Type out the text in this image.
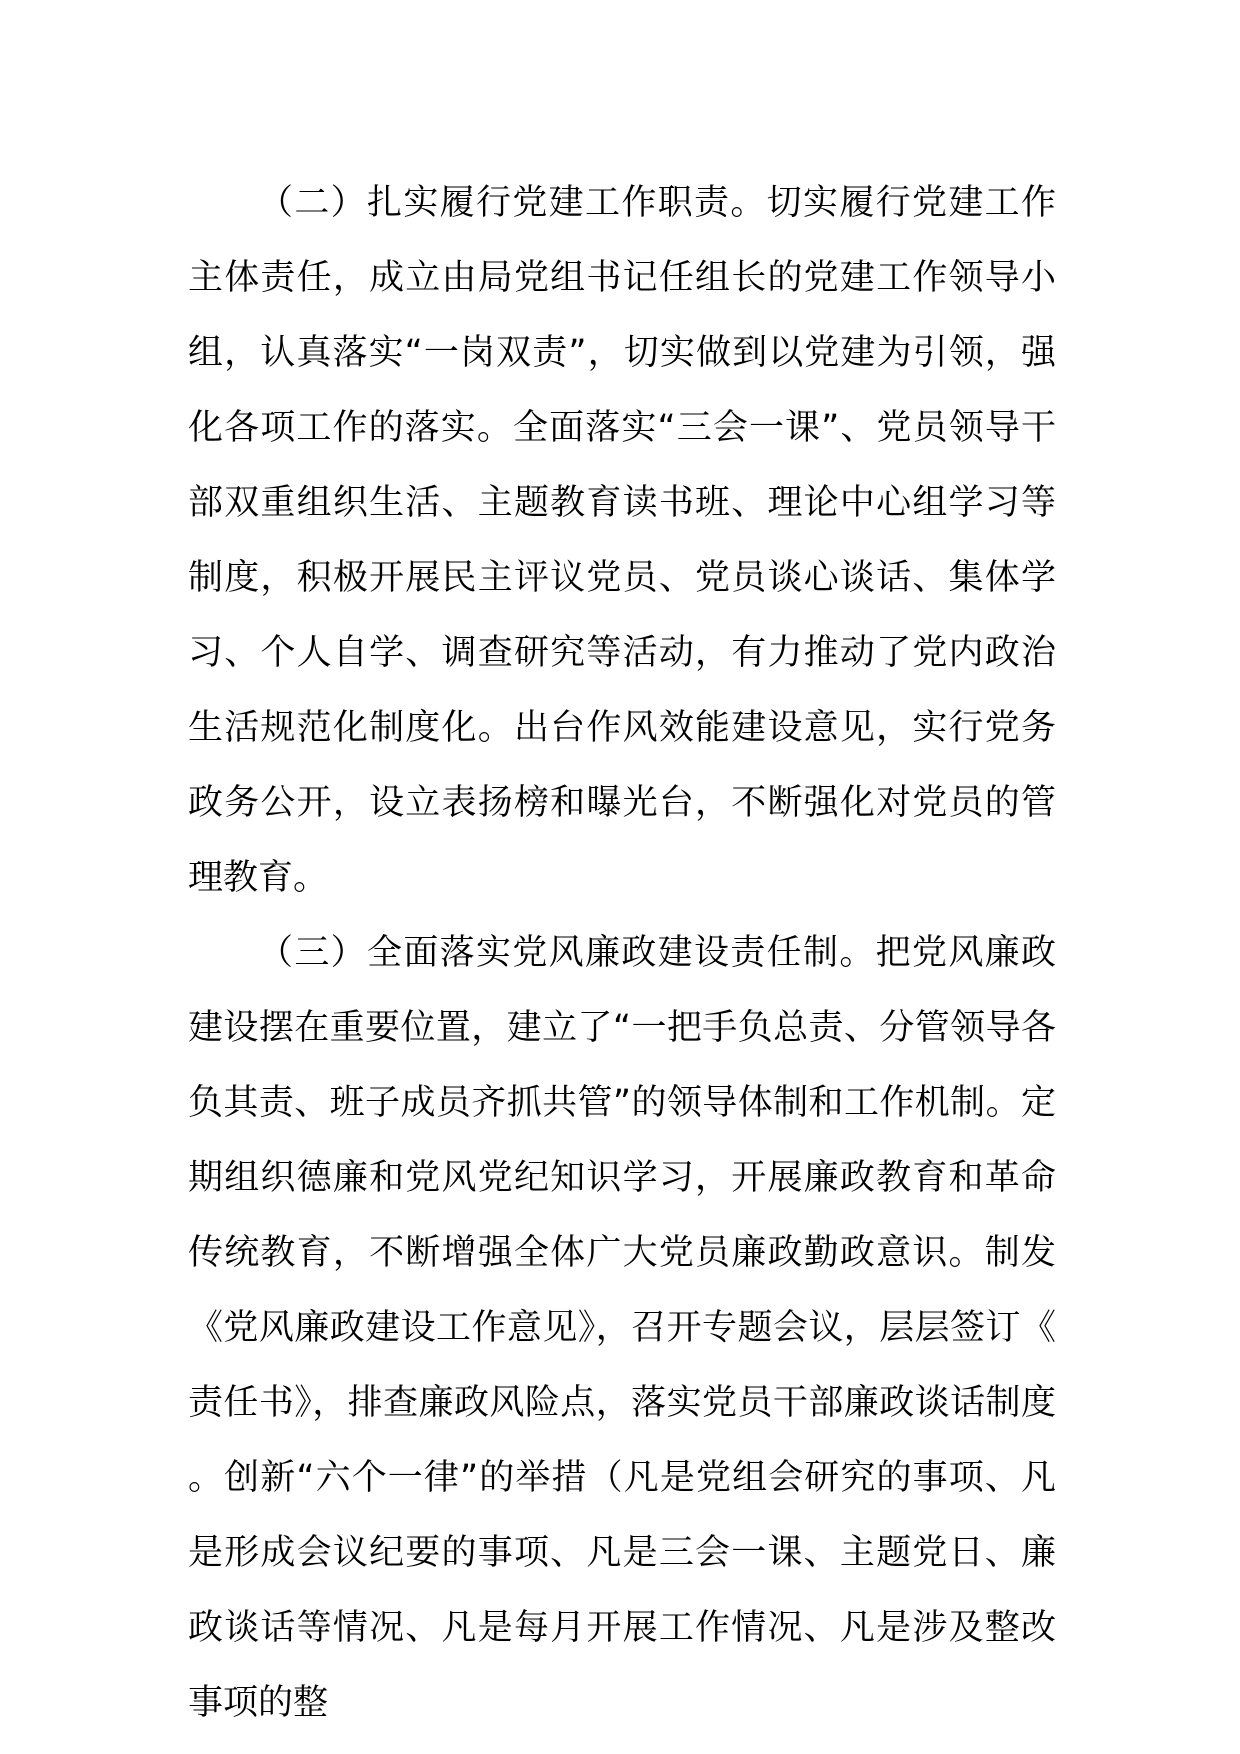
（二）扎实履行党建工作职责。切实履行党建工作主体责任，成立由局党组书记任组长的党建工作领导小组，认真落实“一岗双责”，切实做到以党建为引领，强化各项工作的落实。全面落实“三会一课”、党员领导干部双重组织生活、主题教育读书班、理论中心组学习等制度，积极开展民主评议党员、党员谈心谈话、集体学习、个人自学、调查研究等活动，有力推动了党内政治生活规范化制度化。出台作风效能建设意见，实行党务政务公开，设立表扬榜和曝光台，不断强化对党员的管理教育。

（三）全面落实党风廉政建设责任制。把党风廉政建设摆在重要位置，建立了“一把手负总责、分管领导各负其责、班子成员齐抓共管”的领导体制和工作机制。定期组织德廉和党风党纪知识学习，开展廉政教育和革命传统教育，不断增强全体广大党员廉政勤政意识。制发《党风廉政建设工作意见》，召开专题会议，层层签订《责任书》，排查廉政风险点，落实党员干部廉政谈话制度。创新“六个一律”的举措（凡是党组会研究的事项、凡是形成会议纪要的事项、凡是三会一课、主题党日、廉政谈话等情况、凡是每月开展工作情况、凡是涉及整改事项的整
